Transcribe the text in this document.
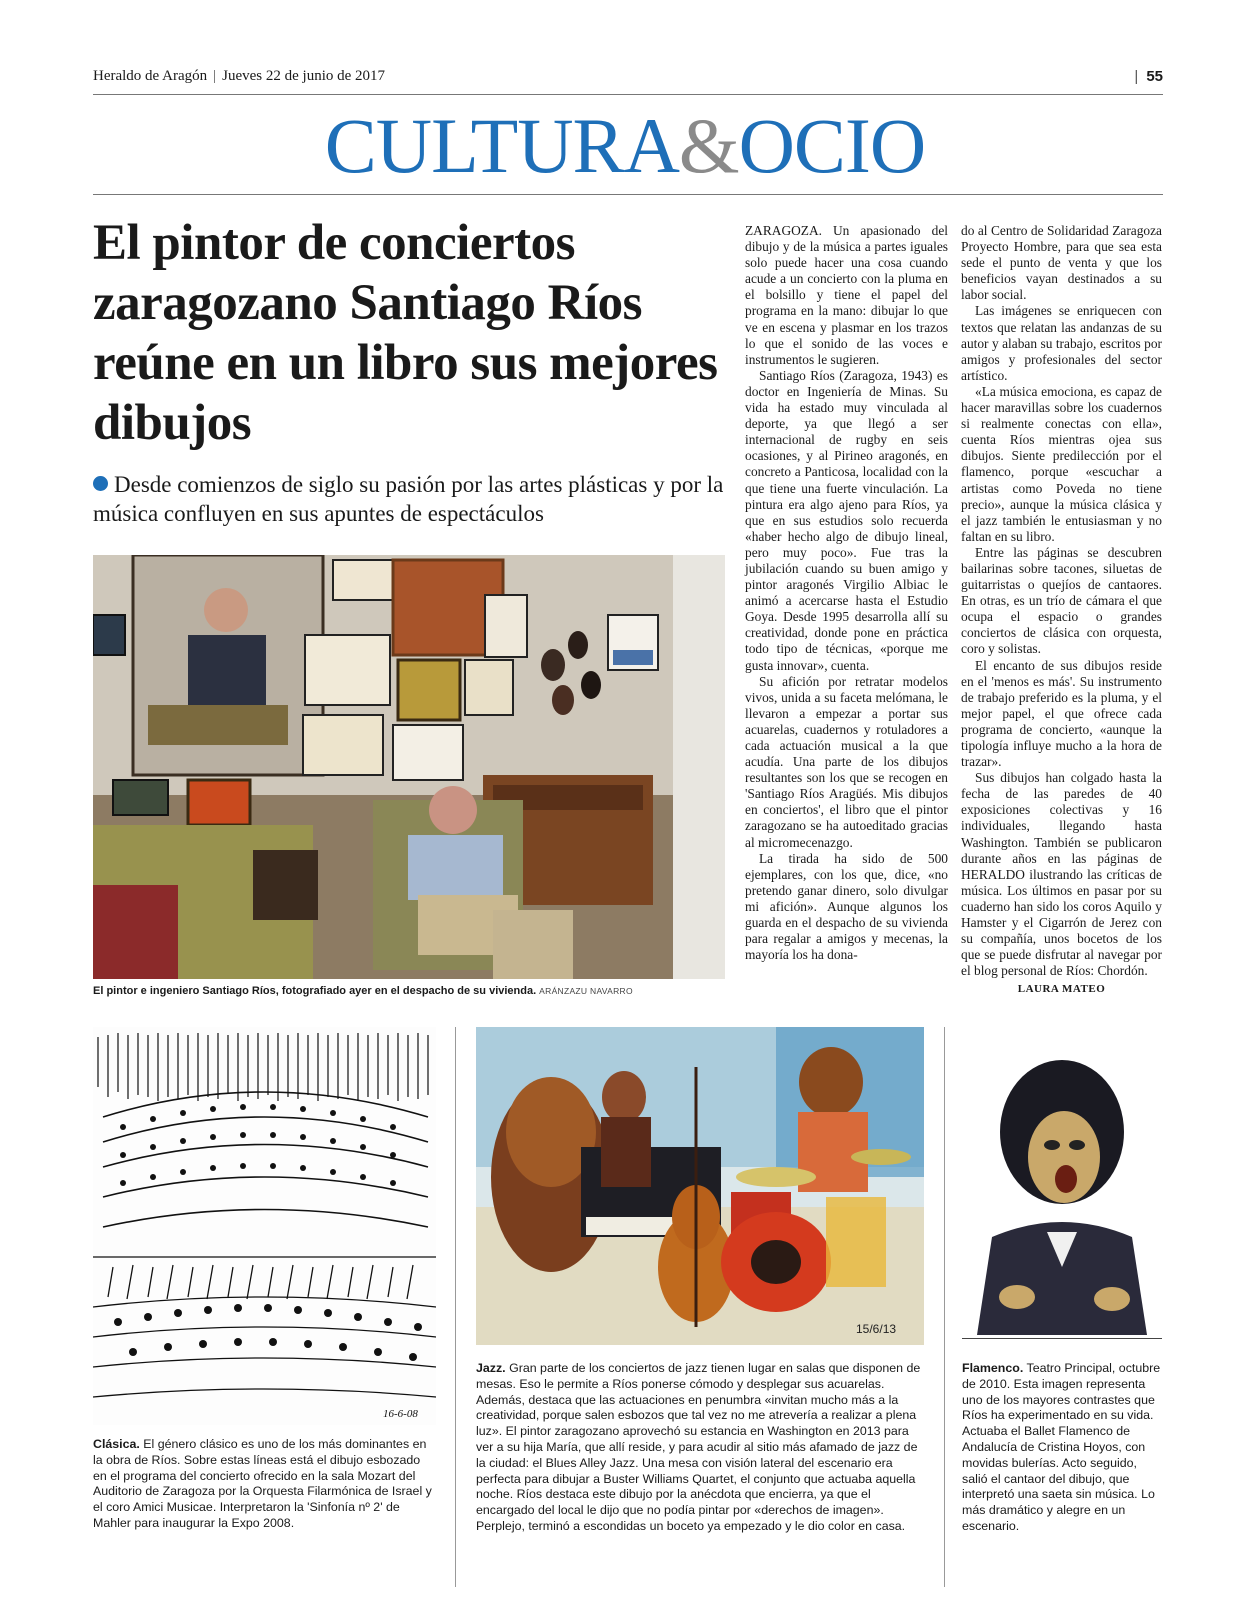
Heraldo de Aragón | Jueves 22 de junio de 2017	| 55
CULTURA&OCIO
El pintor de conciertos zaragozano Santiago Ríos reúne en un libro sus mejores dibujos
Desde comienzos de siglo su pasión por las artes plásticas y por la música confluyen en sus apuntes de espectáculos
El pintor e ingeniero Santiago Ríos, fotografiado ayer en el despacho de su vivienda. ARÁNZAZU NAVARRO

ZARAGOZA. Un apasionado del dibujo y de la música a partes iguales solo puede hacer una cosa cuando acude a un concierto con la pluma en el bolsillo y tiene el papel del programa en la mano: dibujar lo que ve en escena y plasmar en los trazos lo que el sonido de las voces e instrumentos le sugieren.

Santiago Ríos (Zaragoza, 1943) es doctor en Ingeniería de Minas. Su vida ha estado muy vinculada al deporte, ya que llegó a ser internacional de rugby en seis ocasiones, y al Pirineo aragonés, en concreto a Panticosa, localidad con la que tiene una fuerte vinculación. La pintura era algo ajeno para Ríos, ya que en sus estudios solo recuerda «haber hecho algo de dibujo lineal, pero muy poco». Fue tras la jubilación cuando su buen amigo y pintor aragonés Virgilio Albiac le animó a acercarse hasta el Estudio Goya. Desde 1995 desarrolla allí su creatividad, donde pone en práctica todo tipo de técnicas, «porque me gusta innovar», cuenta.

Su afición por retratar modelos vivos, unida a su faceta melómana, le llevaron a empezar a portar sus acuarelas, cuadernos y rotuladores a cada actuación musical a la que acudía. Una parte de los dibujos resultantes son los que se recogen en 'Santiago Ríos Aragüés. Mis dibujos en conciertos', el libro que el pintor zaragozano se ha autoeditado gracias al micromecenazgo.

La tirada ha sido de 500 ejemplares, con los que, dice, «no pretendo ganar dinero, solo divulgar mi afición». Aunque algunos los guarda en el despacho de su vivienda para regalar a amigos y mecenas, la mayoría los ha dona-

do al Centro de Solidaridad Zaragoza Proyecto Hombre, para que sea esta sede el punto de venta y que los beneficios vayan destinados a su labor social.

Las imágenes se enriquecen con textos que relatan las andanzas de su autor y alaban su trabajo, escritos por amigos y profesionales del sector artístico.

«La música emociona, es capaz de hacer maravillas sobre los cuadernos si realmente conectas con ella», cuenta Ríos mientras ojea sus dibujos. Siente predilección por el flamenco, porque «escuchar a artistas como Poveda no tiene precio», aunque la música clásica y el jazz también le entusiasman y no faltan en su libro.

Entre las páginas se descubren bailarinas sobre tacones, siluetas de guitarristas o quejíos de cantaores. En otras, es un trío de cámara el que ocupa el espacio o grandes conciertos de clásica con orquesta, coro y solistas.

El encanto de sus dibujos reside en el 'menos es más'. Su instrumento de trabajo preferido es la pluma, y el mejor papel, el que ofrece cada programa de concierto, «aunque la tipología influye mucho a la hora de trazar».

Sus dibujos han colgado hasta la fecha de las paredes de 40 exposiciones colectivas y 16 individuales, llegando hasta Washington. También se publicaron durante años en las páginas de HERALDO ilustrando las críticas de música. Los últimos en pasar por su cuaderno han sido los coros Aquilo y Hamster y el Cigarrón de Jerez con su compañía, unos bocetos de los que se puede disfrutar al navegar por el blog personal de Ríos: Chordón.

LAURA MATEO
16-6-08
15/6/13
Clásica. El género clásico es uno de los más dominantes en la obra de Ríos. Sobre estas líneas está el dibujo esbozado en el programa del concierto ofrecido en la sala Mozart del Auditorio de Zaragoza por la Orquesta Filarmónica de Israel y el coro Amici Musicae. Interpretaron la 'Sinfonía nº 2' de Mahler para inaugurar la Expo 2008.
Jazz. Gran parte de los conciertos de jazz tienen lugar en salas que disponen de mesas. Eso le permite a Ríos ponerse cómodo y desplegar sus acuarelas. Además, destaca que las actuaciones en penumbra «invitan mucho más a la creatividad, porque salen esbozos que tal vez no me atrevería a realizar a plena luz». El pintor zaragozano aprovechó su estancia en Washington en 2013 para ver a su hija María, que allí reside, y para acudir al sitio más afamado de jazz de la ciudad: el Blues Alley Jazz. Una mesa con visión lateral del escenario era perfecta para dibujar a Buster Williams Quartet, el conjunto que actuaba aquella noche. Ríos destaca este dibujo por la anécdota que encierra, ya que el encargado del local le dijo que no podía pintar por «derechos de imagen». Perplejo, terminó a escondidas un boceto ya empezado y le dio color en casa.
Flamenco. Teatro Principal, octubre de 2010. Esta imagen representa uno de los mayores contrastes que Ríos ha experimentado en su vida. Actuaba el Ballet Flamenco de Andalucía de Cristina Hoyos, con movidas bulerías. Acto seguido, salió el cantaor del dibujo, que interpretó una saeta sin música. Lo más dramático y alegre en un escenario.
